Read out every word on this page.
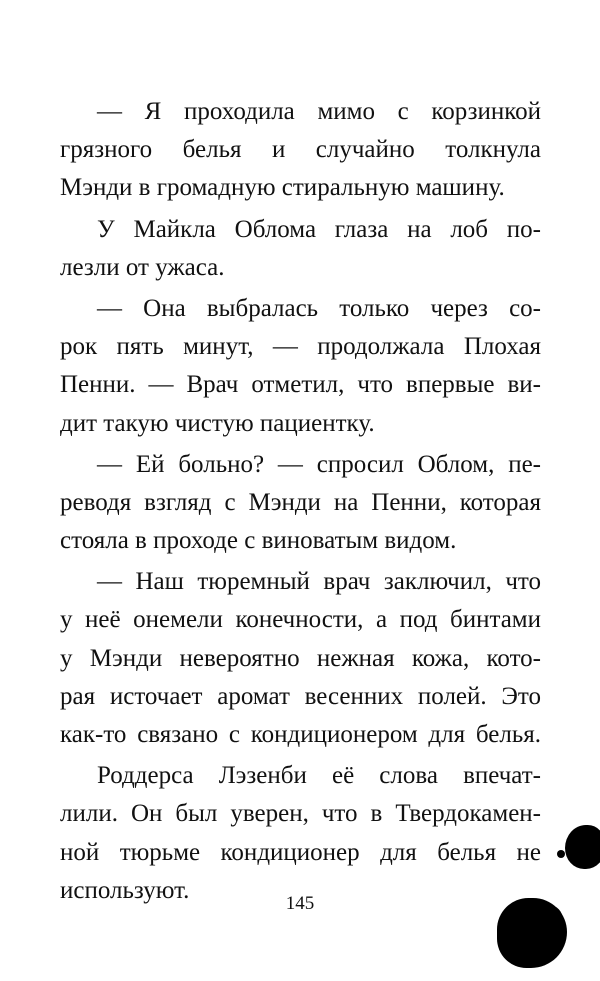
— Я проходила мимо с корзинкой
грязного белья и случайно толкнула
Мэнди в громадную стиральную машину.
У Майкла Облома глаза на лоб по-
лезли от ужаса.
— Она выбралась только через со-
рок пять минут, — продолжала Плохая
Пенни. — Врач отметил, что впервые ви-
дит такую чистую пациентку.
— Ей больно? — спросил Облом, пе-
реводя взгляд с Мэнди на Пенни, которая
стояла в проходе с виноватым видом.
— Наш тюремный врач заключил, что
у неё онемели конечности, а под бинтами
у Мэнди невероятно нежная кожа, кото-
рая источает аромат весенних полей. Это
как-то связано с кондиционером для белья.
Роддерса Лэзенби её слова впечат-
лили. Он был уверен, что в Твердокамен-
ной тюрьме кондиционер для белья не
используют.	145
